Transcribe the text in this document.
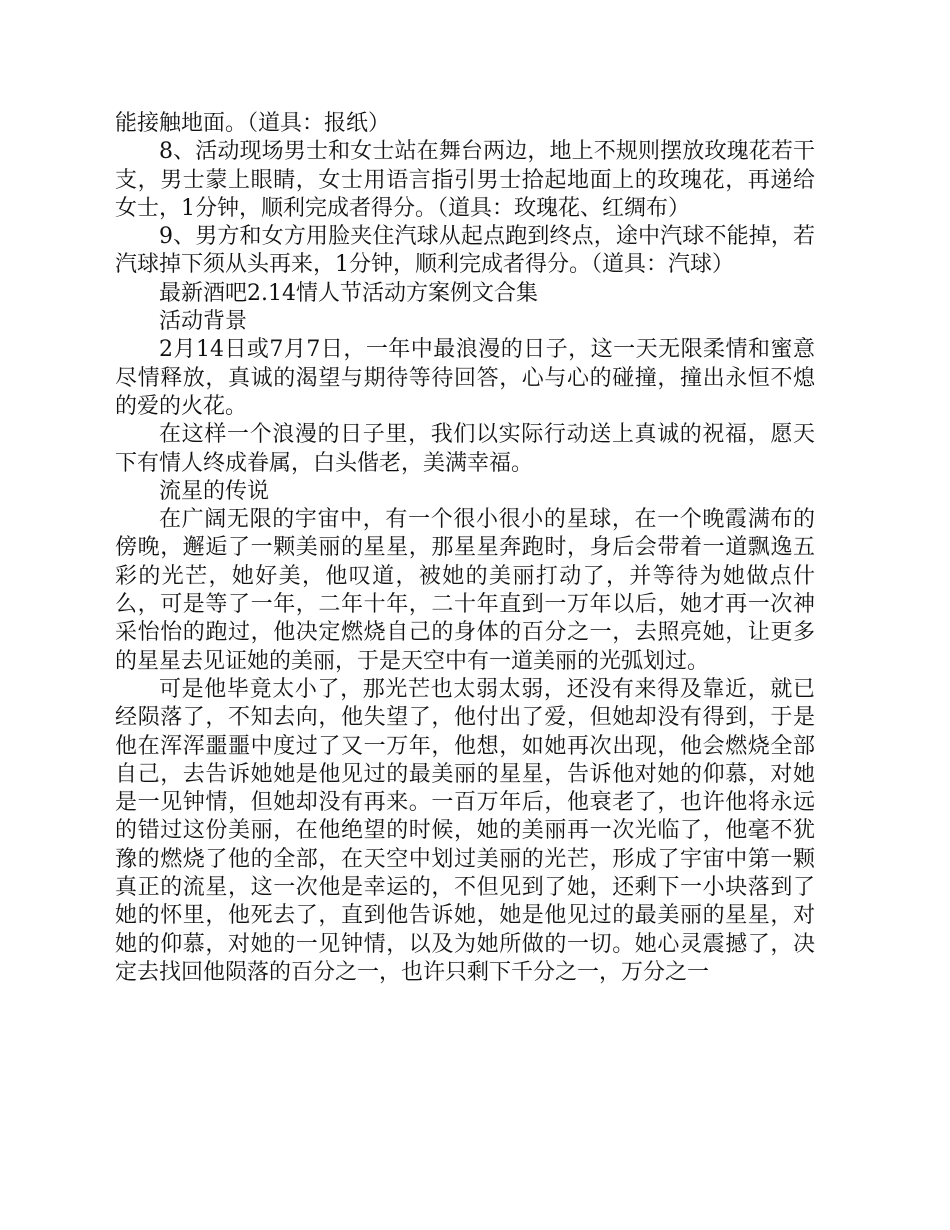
能接触地面。（道具：报纸）

8、活动现场男士和女士站在舞台两边，地上不规则摆放玫瑰花若干支，男士蒙上眼睛，女士用语言指引男士拾起地面上的玫瑰花，再递给女士，1分钟，顺利完成者得分。（道具：玫瑰花、红绸布）

9、男方和女方用脸夹住汽球从起点跑到终点，途中汽球不能掉，若汽球掉下须从头再来，1分钟，顺利完成者得分。（道具：汽球）

最新酒吧2.14情人节活动方案例文合集

活动背景

2月14日或7月7日，一年中最浪漫的日子，这一天无限柔情和蜜意尽情释放，真诚的渴望与期待等待回答，心与心的碰撞，撞出永恒不熄的爱的火花。

在这样一个浪漫的日子里，我们以实际行动送上真诚的祝福，愿天下有情人终成眷属，白头偕老，美满幸福。

流星的传说

在广阔无限的宇宙中，有一个很小很小的星球，在一个晚霞满布的傍晚，邂逅了一颗美丽的星星，那星星奔跑时，身后会带着一道飘逸五彩的光芒，她好美，他叹道，被她的美丽打动了，并等待为她做点什么，可是等了一年，二年十年，二十年直到一万年以后，她才再一次神采怡怡的跑过，他决定燃烧自己的身体的百分之一，去照亮她，让更多的星星去见证她的美丽，于是天空中有一道美丽的光弧划过。

可是他毕竟太小了，那光芒也太弱太弱，还没有来得及靠近，就已经陨落了，不知去向，他失望了，他付出了爱，但她却没有得到，于是他在浑浑噩噩中度过了又一万年，他想，如她再次出现，他会燃烧全部自己，去告诉她她是他见过的最美丽的星星，告诉他对她的仰慕，对她是一见钟情，但她却没有再来。一百万年后，他衰老了，也许他将永远的错过这份美丽，在他绝望的时候，她的美丽再一次光临了，他毫不犹豫的燃烧了他的全部，在天空中划过美丽的光芒，形成了宇宙中第一颗真正的流星，这一次他是幸运的，不但见到了她，还剩下一小块落到了她的怀里，他死去了，直到他告诉她，她是他见过的最美丽的星星，对她的仰慕，对她的一见钟情，以及为她所做的一切。她心灵震撼了，决定去找回他陨落的百分之一，也许只剩下千分之一，万分之一
